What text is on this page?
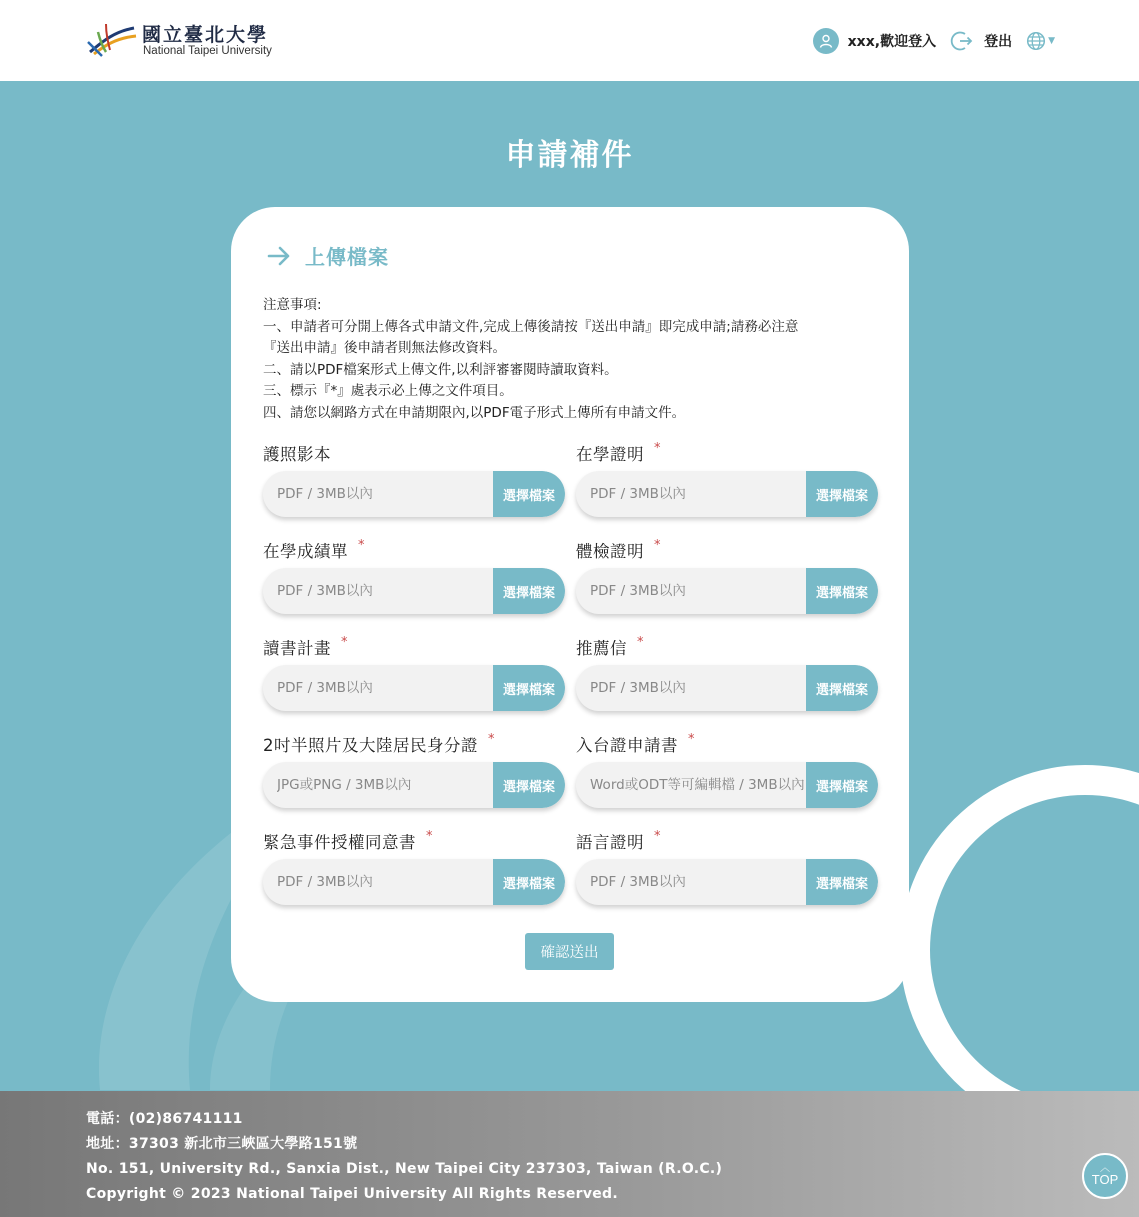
國立臺北大學
National Taipei University
xxx,歡迎登入	登出	▼
申請補件
上傳檔案
注意事項:
一、申請者可分開上傳各式申請文件,完成上傳後請按『送出申請』即完成申請;請務必注意
『送出申請』後申請者則無法修改資料。
二、請以PDF檔案形式上傳文件,以利評審審閱時讀取資料。
三、標示『*』處表示必上傳之文件項目。
四、請您以網路方式在申請期限內,以PDF電子形式上傳所有申請文件。
護照影本
PDF / 3MB以內
選擇檔案
在學證明 *
PDF / 3MB以內
選擇檔案
在學成績單 *
PDF / 3MB以內
選擇檔案
體檢證明 *
PDF / 3MB以內
選擇檔案
讀書計畫 *
PDF / 3MB以內
選擇檔案
推薦信 *
PDF / 3MB以內
選擇檔案
2吋半照片及大陸居民身分證 *
JPG或PNG / 3MB以內
選擇檔案
入台證申請書 *
Word或ODT等可編輯檔 / 3MB以內
選擇檔案
緊急事件授權同意書 *
PDF / 3MB以內
選擇檔案
語言證明 *
PDF / 3MB以內
選擇檔案
確認送出
電話：(02)86741111
地址：37303 新北市三峽區大學路151號
No. 151, University Rd., Sanxia Dist., New Taipei City 237303, Taiwan (R.O.C.)
Copyright © 2023 National Taipei University All Rights Reserved.
︿
TOP
